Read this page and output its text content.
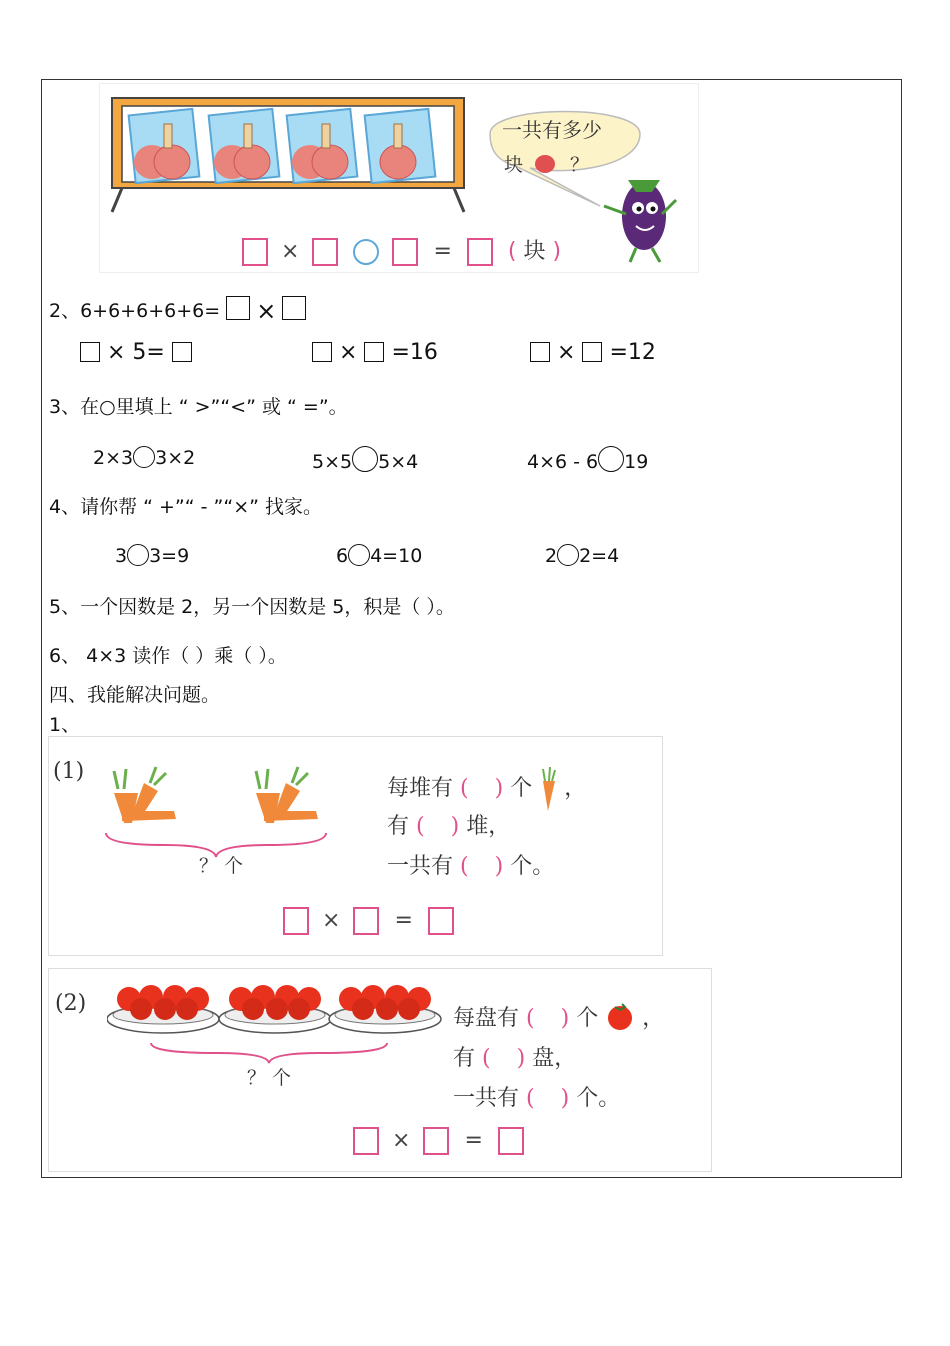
一共有多少
块 ？
×	=	( 块 )
2、6+6+6+6+6= ×
× 5=	× =16	× =12
3、在○里填上 “ >”“<” 或 “ =”。
2×3 3×2	5×5 5×4	4×6 - 6 19
4、请你帮 “ +”“ - ”“×” 找家。
3 3=9	6 4=10	2 2=4
5、一个因数是 2，另一个因数是 5，积是（ ）。
6、 4×3 读作（ ）乘（ ）。
四、我能解决问题。
1、
(1)
？ 个
每堆有 ( ) 个 ，
有 ( ) 堆，
一共有 ( ) 个。
× =
(2)
？ 个
每盘有 ( ) 个 ，
有 ( ) 盘，
一共有 ( ) 个。
× =
